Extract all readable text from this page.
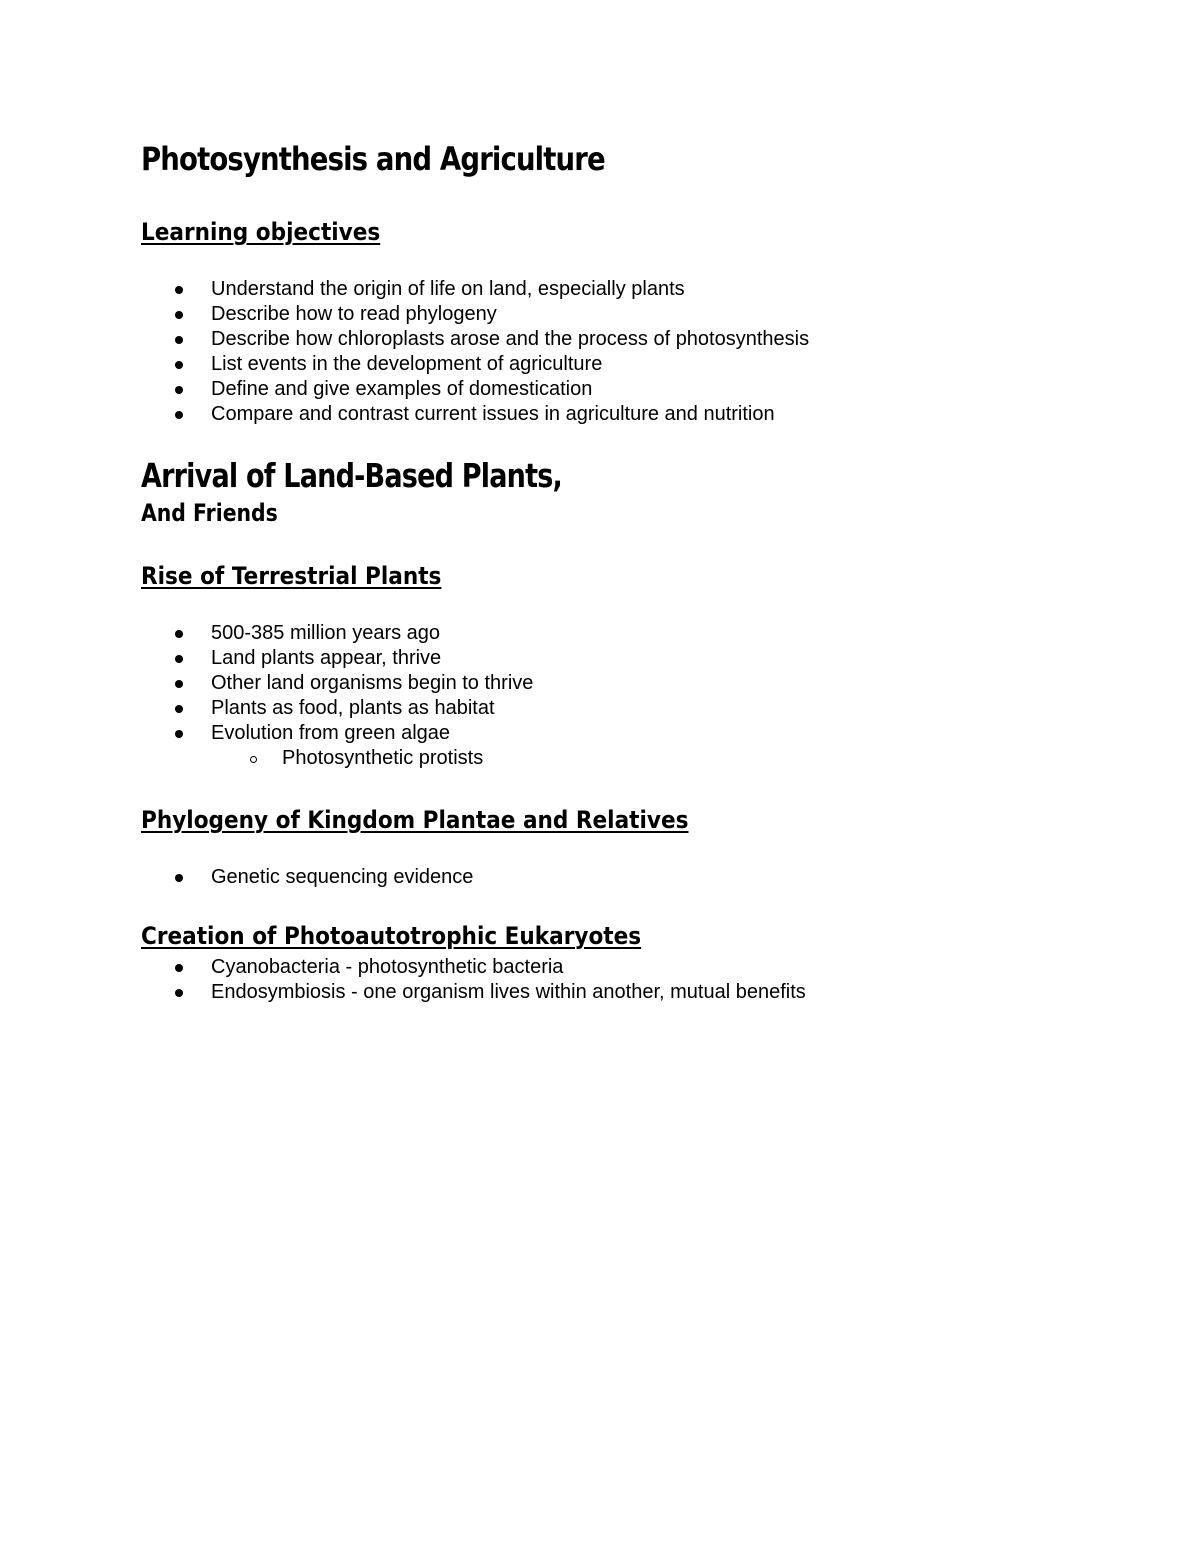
Photosynthesis and Agriculture
Learning objectives
Understand the origin of life on land, especially plants
Describe how to read phylogeny
Describe how chloroplasts arose and the process of photosynthesis
List events in the development of agriculture
Define and give examples of domestication
Compare and contrast current issues in agriculture and nutrition
Arrival of Land-Based Plants,
And Friends
Rise of Terrestrial Plants
500-385 million years ago
Land plants appear, thrive
Other land organisms begin to thrive
Plants as food, plants as habitat
Evolution from green algae
Photosynthetic protists
Phylogeny of Kingdom Plantae and Relatives
Genetic sequencing evidence
Creation of Photoautotrophic Eukaryotes
Cyanobacteria - photosynthetic bacteria
Endosymbiosis - one organism lives within another, mutual benefits
